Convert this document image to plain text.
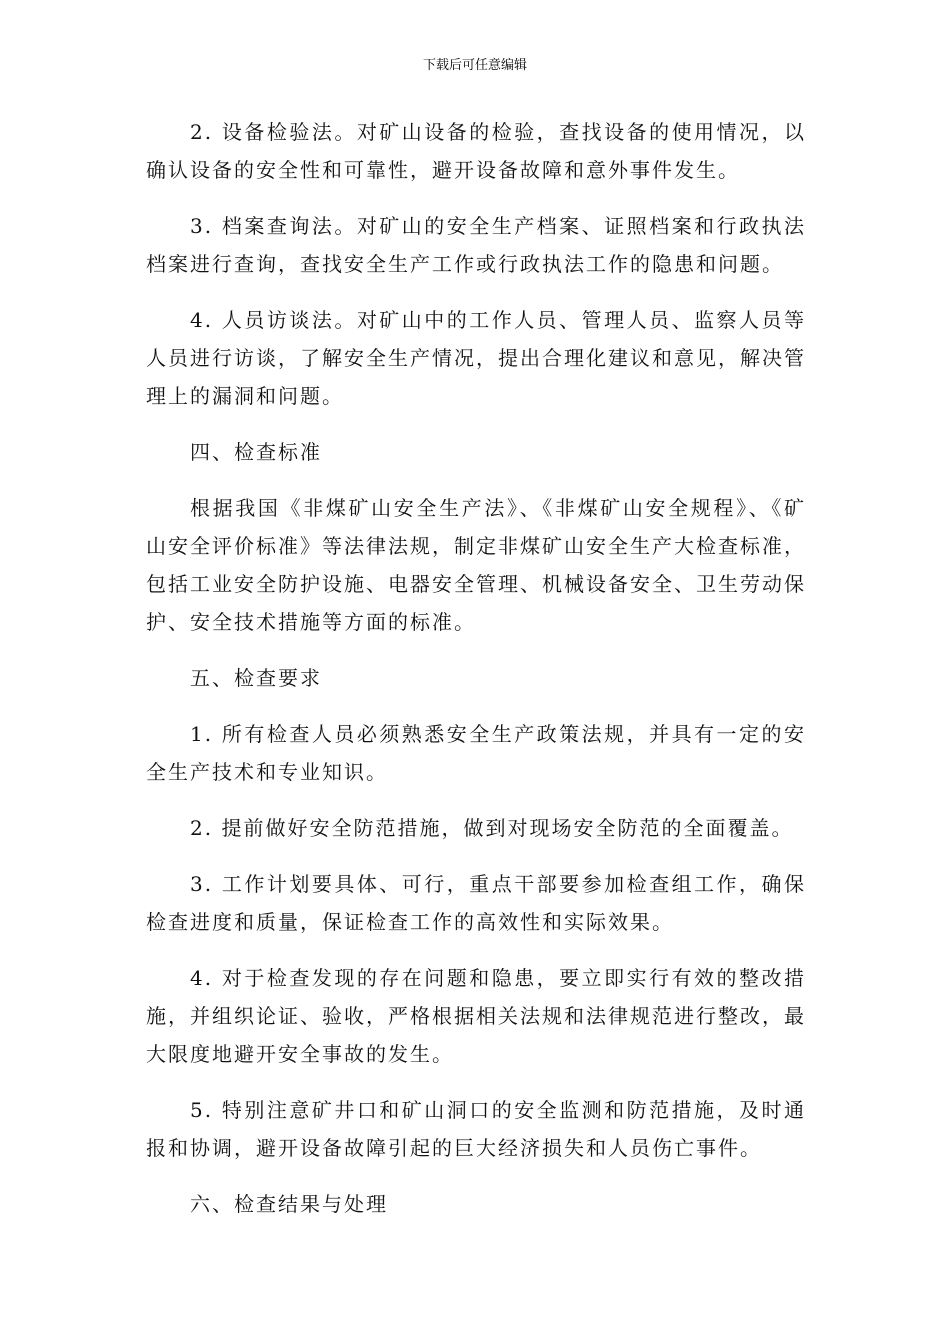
下载后可任意编辑

2. 设备检验法。对矿山设备的检验，查找设备的使用情况，以确认设备的安全性和可靠性，避开设备故障和意外事件发生。

3. 档案查询法。对矿山的安全生产档案、证照档案和行政执法档案进行查询，查找安全生产工作或行政执法工作的隐患和问题。

4. 人员访谈法。对矿山中的工作人员、管理人员、监察人员等人员进行访谈，了解安全生产情况，提出合理化建议和意见，解决管理上的漏洞和问题。

四、检查标准

根据我国《非煤矿山安全生产法》、《非煤矿山安全规程》、《矿山安全评价标准》等法律法规，制定非煤矿山安全生产大检查标准，包括工业安全防护设施、电器安全管理、机械设备安全、卫生劳动保护、安全技术措施等方面的标准。

五、检查要求

1. 所有检查人员必须熟悉安全生产政策法规，并具有一定的安全生产技术和专业知识。

2. 提前做好安全防范措施，做到对现场安全防范的全面覆盖。

3. 工作计划要具体、可行，重点干部要参加检查组工作，确保检查进度和质量，保证检查工作的高效性和实际效果。

4. 对于检查发现的存在问题和隐患，要立即实行有效的整改措施，并组织论证、验收，严格根据相关法规和法律规范进行整改，最大限度地避开安全事故的发生。

5. 特别注意矿井口和矿山洞口的安全监测和防范措施，及时通报和协调，避开设备故障引起的巨大经济损失和人员伤亡事件。

六、检查结果与处理
